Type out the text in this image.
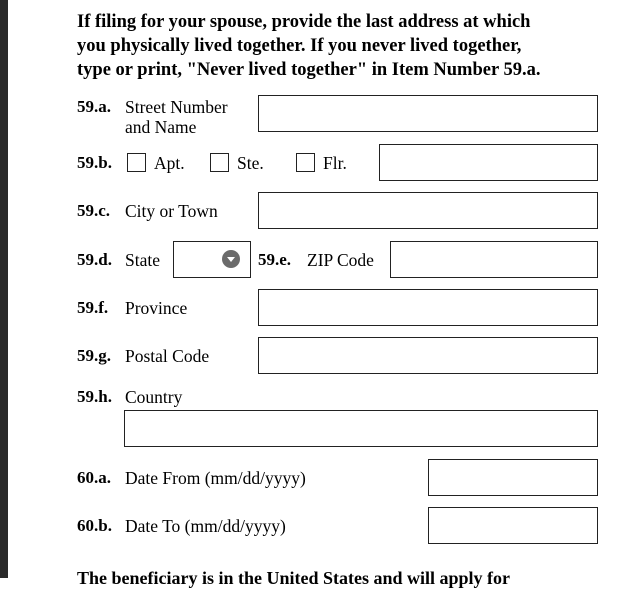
If filing for your spouse, provide the last address at which

you physically lived together. If you never lived together,

type or print, "Never lived together" in Item Number 59.a.

59.a. Street Number
and Name
59.b. Apt.	Ste.	Flr.
59.c. City or Town
59.d. State	59.e. ZIP Code
59.f. Province
59.g. Postal Code
59.h. Country
60.a. Date From (mm/dd/yyyy)
60.b. Date To (mm/dd/yyyy)
The beneficiary is in the United States and will apply for
